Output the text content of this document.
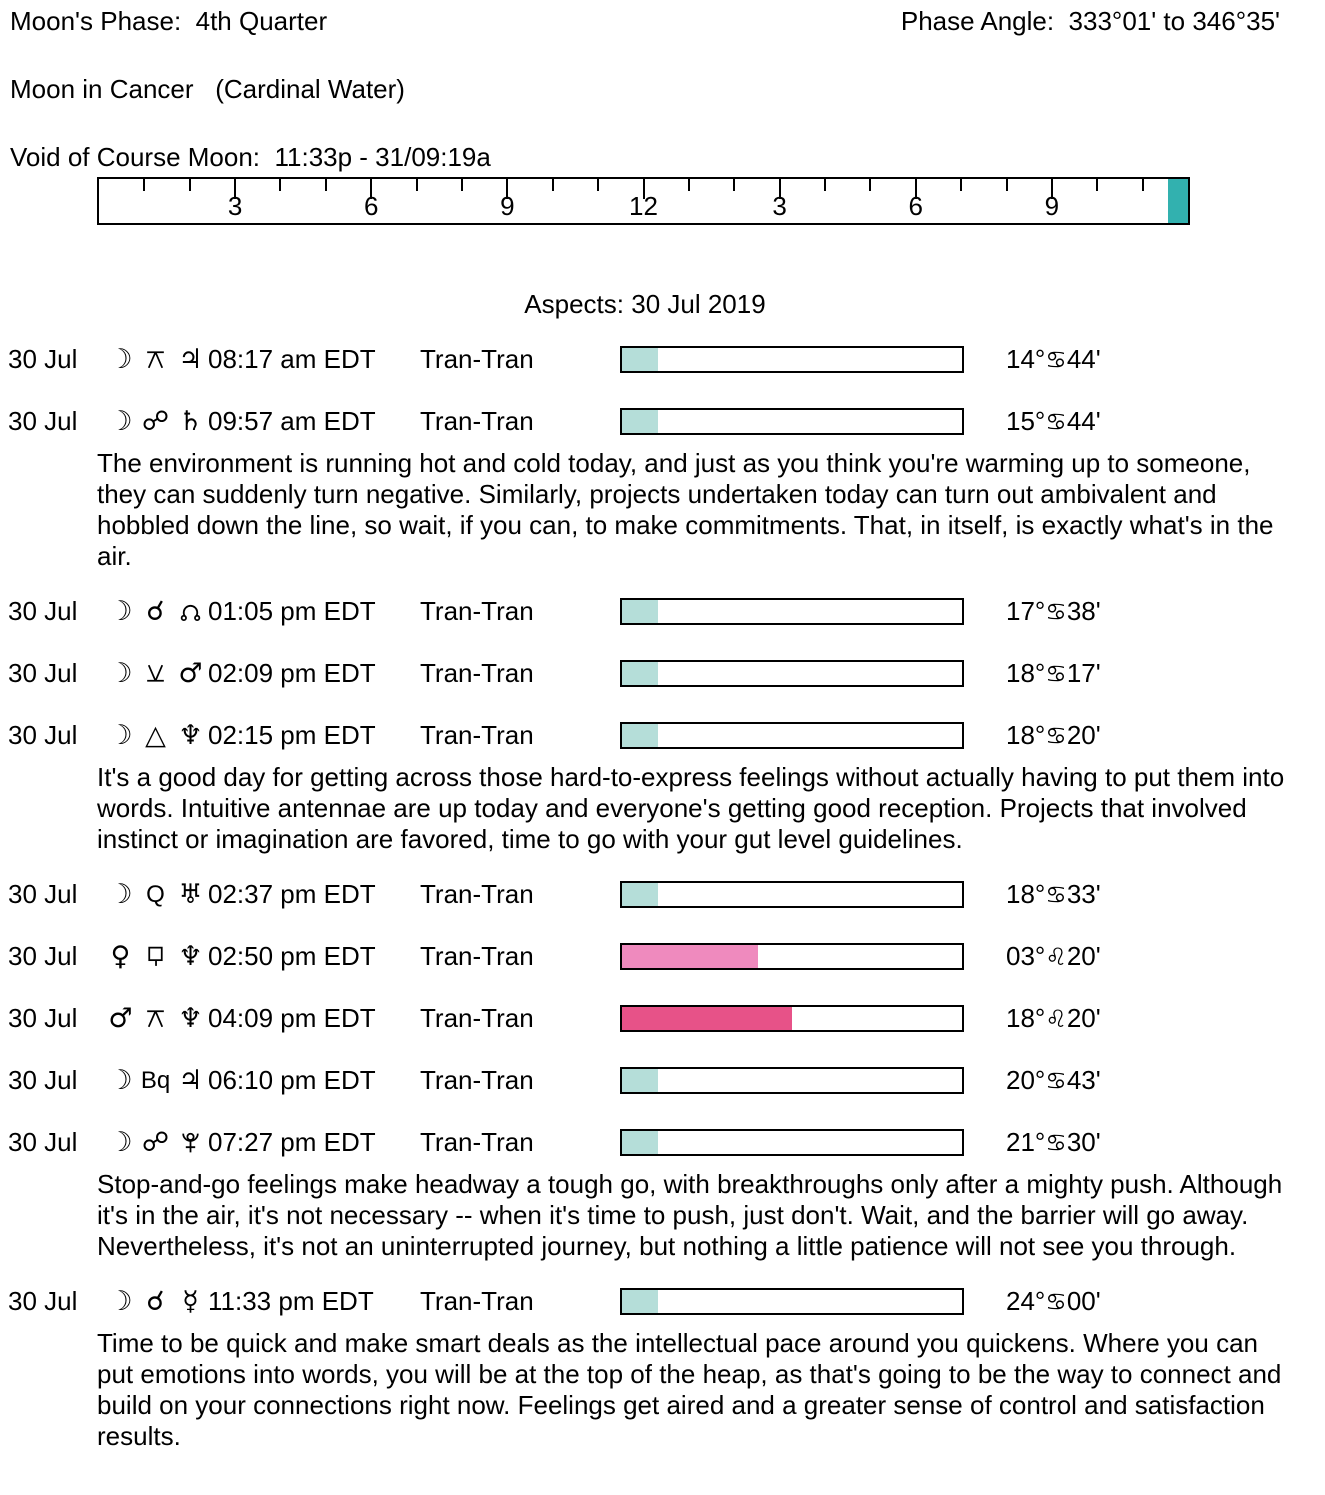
Moon's Phase:  4th Quarter	Phase Angle:  333°01' to 346°35'
Moon in Cancer   (Cardinal Water)
Void of Course Moon:  11:33p - 31/09:19a
3	6	9	12	3	6	9
Aspects: 30 Jul 2019
30 Jul	☽ ♃ 08:17 am EDT	Tran-Tran	14°♋44'
30 Jul	☽ ☍ ♄ 09:57 am EDT	Tran-Tran	15°♋44'
The environment is running hot and cold today, and just as you think you're warming up to someone, they can suddenly turn negative. Similarly, projects undertaken today can turn out ambivalent and hobbled down the line, so wait, if you can, to make commitments. That, in itself, is exactly what's in the air.
30 Jul	☽ ☌ 01:05 pm EDT	Tran-Tran	17°♋38'
30 Jul	☽ ♂ 02:09 pm EDT	Tran-Tran	18°♋17'
30 Jul	☽ △ ♆ 02:15 pm EDT	Tran-Tran	18°♋20'
It's a good day for getting across those hard-to-express feelings without actually having to put them into words. Intuitive antennae are up today and everyone's getting good reception. Projects that involved instinct or imagination are favored, time to go with your gut level guidelines.
30 Jul	☽ Q ♅ 02:37 pm EDT	Tran-Tran	18°♋33'
30 Jul	♀ ♆ 02:50 pm EDT	Tran-Tran	03°♌20'
30 Jul	♂ ♆ 04:09 pm EDT	Tran-Tran	18°♌20'
30 Jul	☽ Bq ♃ 06:10 pm EDT	Tran-Tran	20°♋43'
30 Jul	☽ ☍ 07:27 pm EDT	Tran-Tran	21°♋30'
Stop-and-go feelings make headway a tough go, with breakthroughs only after a mighty push. Although it's in the air, it's not necessary -- when it's time to push, just don't. Wait, and the barrier will go away. Nevertheless, it's not an uninterrupted journey, but nothing a little patience will not see you through.
30 Jul	☽ ☌ ☿ 11:33 pm EDT	Tran-Tran	24°♋00'
Time to be quick and make smart deals as the intellectual pace around you quickens. Where you can put emotions into words, you will be at the top of the heap, as that's going to be the way to connect and build on your connections right now. Feelings get aired and a greater sense of control and satisfaction results.
